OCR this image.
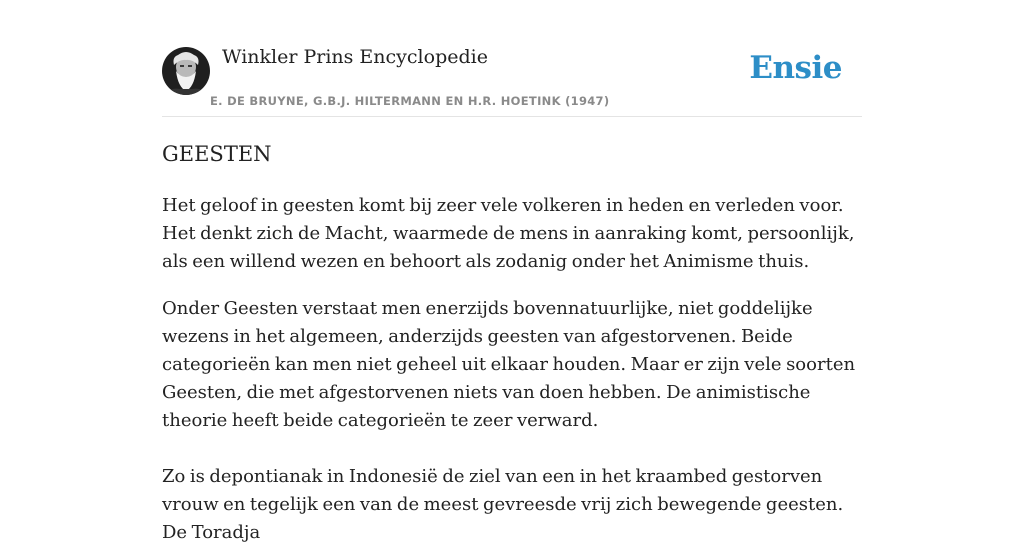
Winkler Prins Encyclopedie
E. DE BRUYNE, G.B.J. HILTERMANN EN H.R. HOETINK (1947)
Ensie
GEESTEN

Het geloof in geesten komt bij zeer vele volkeren in heden en verleden voor. Het denkt zich de Macht, waarmede de mens in aanraking komt, persoonlijk, als een willend wezen en behoort als zodanig onder het Animisme thuis.

Onder Geesten verstaat men enerzijds bovennatuurlijke, niet goddelijke wezens in het algemeen, anderzijds geesten van afgestorvenen. Beide categorieën kan men niet geheel uit elkaar houden. Maar er zijn vele soorten Geesten, die met afgestorvenen niets van doen hebben. De animistische theorie heeft beide categorieën te zeer verward.

Zo is depontianak in Indonesië de ziel van een in het kraambed gestorven vrouw en tegelijk een van de meest gevreesde vrij zich bewegende geesten. De Toradja
